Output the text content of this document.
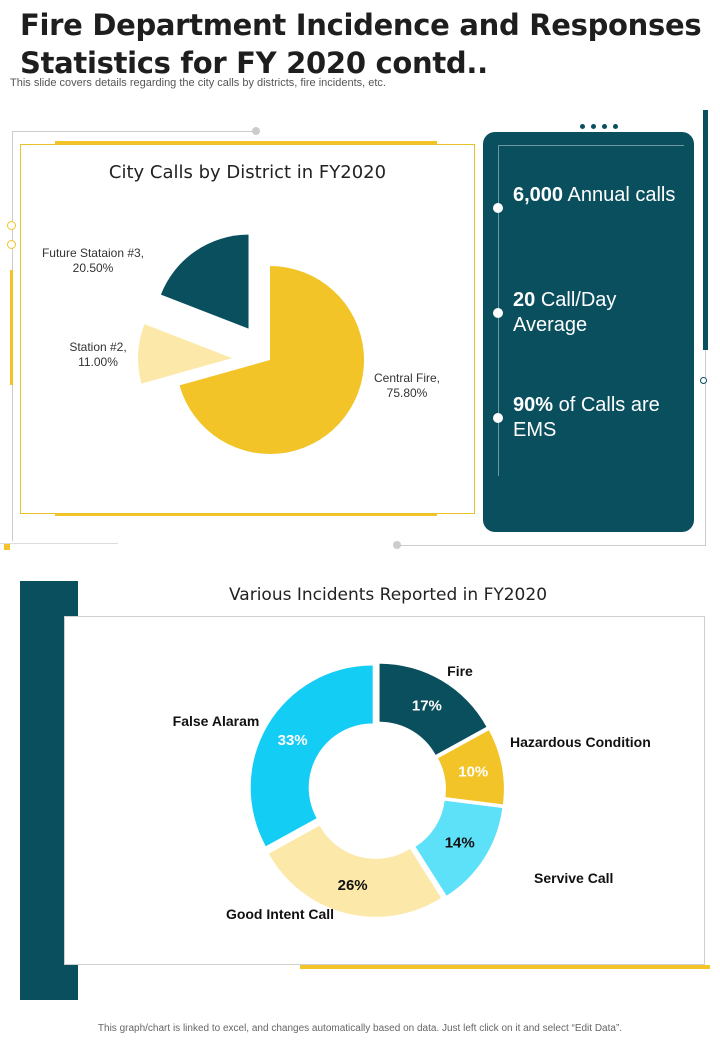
Fire Department Incidence and Responses Statistics for FY 2020 contd..
This slide covers details regarding the city calls by districts, fire incidents, etc.
City Calls by District in FY2020
Central Fire, 75.80%
Station #2, 11.00%
Future Stataion #3, 20.50%
6,000 Annual calls
20 Call/Day Average
90% of Calls are EMS
Various Incidents Reported in FY2020
17%
Fire
10%
Hazardous Condition
14%
Servive Call
26%
Good Intent Call
33%
False Alaram
This graph/chart is linked to excel, and changes automatically based on data. Just left click on it and select “Edit Data”.
